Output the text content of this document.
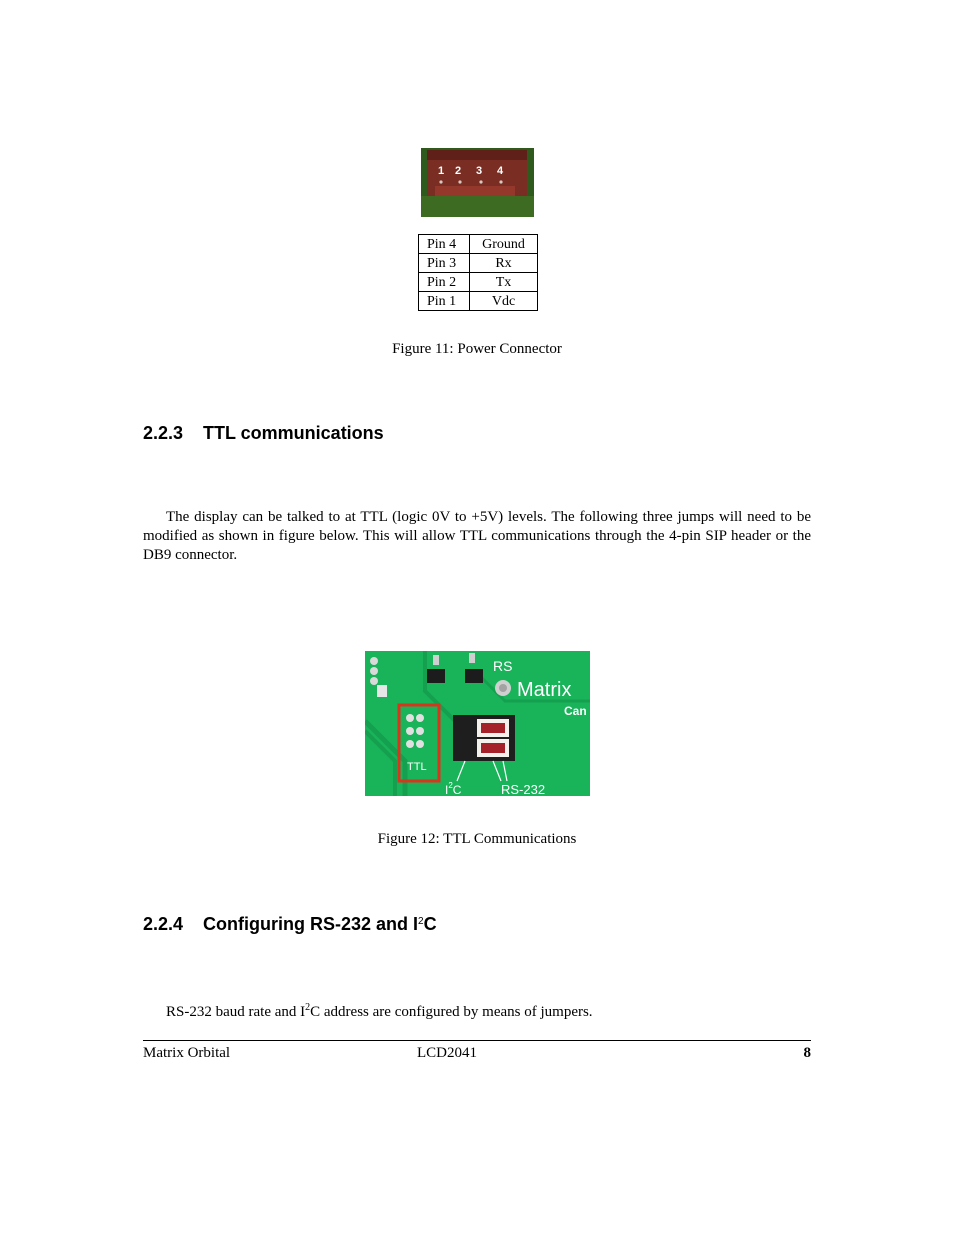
1 2 3 4
Pin 4	Ground
Pin 3	Rx
Pin 2	Tx
Pin 1	Vdc
Figure 11: Power Connector
2.2.3 TTL communications
The display can be talked to at TTL (logic 0V to +5V) levels. The following three jumps will need to be modified as shown in figure below. This will allow TTL communications through the 4-pin SIP header or the DB9 connector.
RS
Matrix
Can
TTL
$I^2C$	RS-232
Figure 12: TTL Communications
2.2.4 Configuring RS-232 and $I^2C$
RS-232 baud rate and $I^2C$ address are configured by means of jumpers.
Matrix Orbital	LCD2041	8
